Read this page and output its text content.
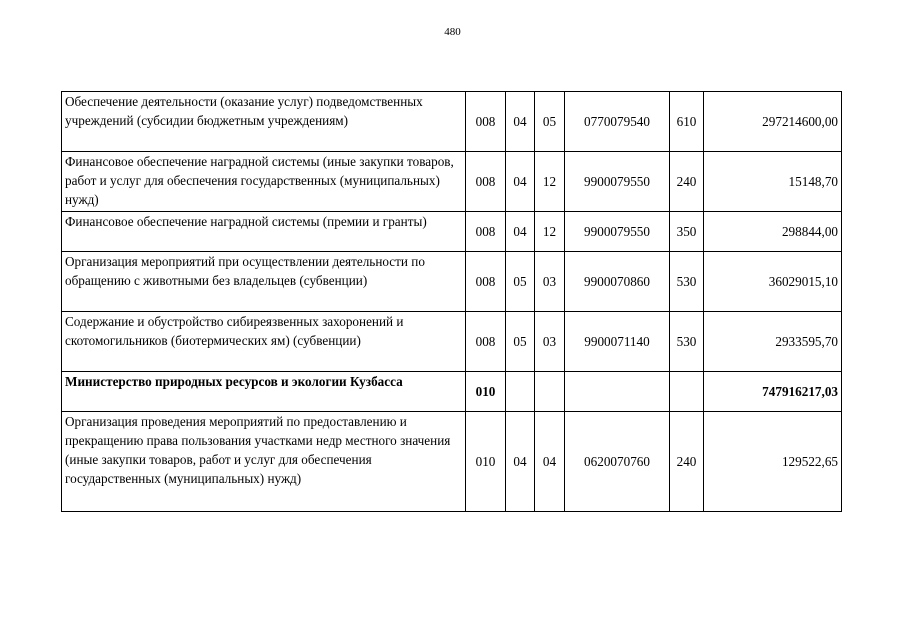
480
Обеспечение деятельности (оказание услуг) подведомственных учреждений (субсидии бюджетным учреждениям)	008	04	05	0770079540	610	297214600,00
Финансовое обеспечение наградной системы (иные закупки товаров, работ и услуг для обеспечения государственных (муниципальных) нужд)	008	04	12	9900079550	240	15148,70
Финансовое обеспечение наградной системы (премии и гранты)	008	04	12	9900079550	350	298844,00
Организация мероприятий при осуществлении деятельности по обращению с животными без владельцев (субвенции)	008	05	03	9900070860	530	36029015,10
Содержание и обустройство сибиреязвенных захоронений и скотомогильников (биотермических ям) (субвенции)	008	05	03	9900071140	530	2933595,70
Министерство природных ресурсов и экологии Кузбасса	010					747916217,03
Организация проведения мероприятий по предоставлению и прекращению права пользования участками недр местного значения (иные закупки товаров, работ и услуг для обеспечения государственных (муниципальных) нужд)	010	04	04	0620070760	240	129522,65
